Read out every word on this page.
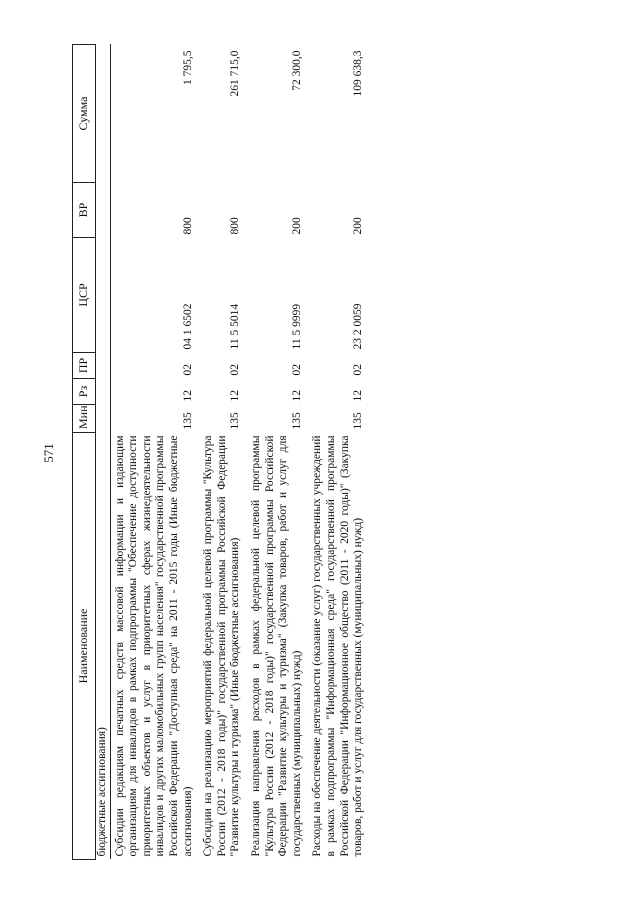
571
Наименование	Мин	Рз	ПР	ЦСР	ВР	Сумма
бюджетные ассигнования)						
Субсидии редакциям печатных средств массовой информации и издающим организациям для инвалидов в рамках подпрограммы "Обеспечение доступности приоритетных объектов и услуг в приоритетных сферах жизнедеятельности инвалидов и других маломобильных групп населения" государственной программы Российской Федерации "Доступная среда" на 2011 - 2015 годы (Иные бюджетные ассигнования)	135	12	02	04 1 6502	800	1 795,5
Субсидии на реализацию мероприятий федеральной целевой программы "Культура России (2012 - 2018 годы)" государственной программы Российской Федерации "Развитие культуры и туризма" (Иные бюджетные ассигнования)	135	12	02	11 5 5014	800	261 715,0
Реализация направления расходов в рамках федеральной целевой программы "Культура России (2012 - 2018 годы)" государственной программы Российской Федерации "Развитие культуры и туризма" (Закупка товаров, работ и услуг для государственных (муниципальных) нужд)	135	12	02	11 5 9999	200	72 300,0
Расходы на обеспечение деятельности (оказание услуг) государственных учреждений в рамках подпрограммы "Информационная среда" государственной программы Российской Федерации "Информационное общество (2011 - 2020 годы)" (Закупка товаров, работ и услуг для государственных (муниципальных) нужд)	135	12	02	23 2 0059	200	109 638,3
